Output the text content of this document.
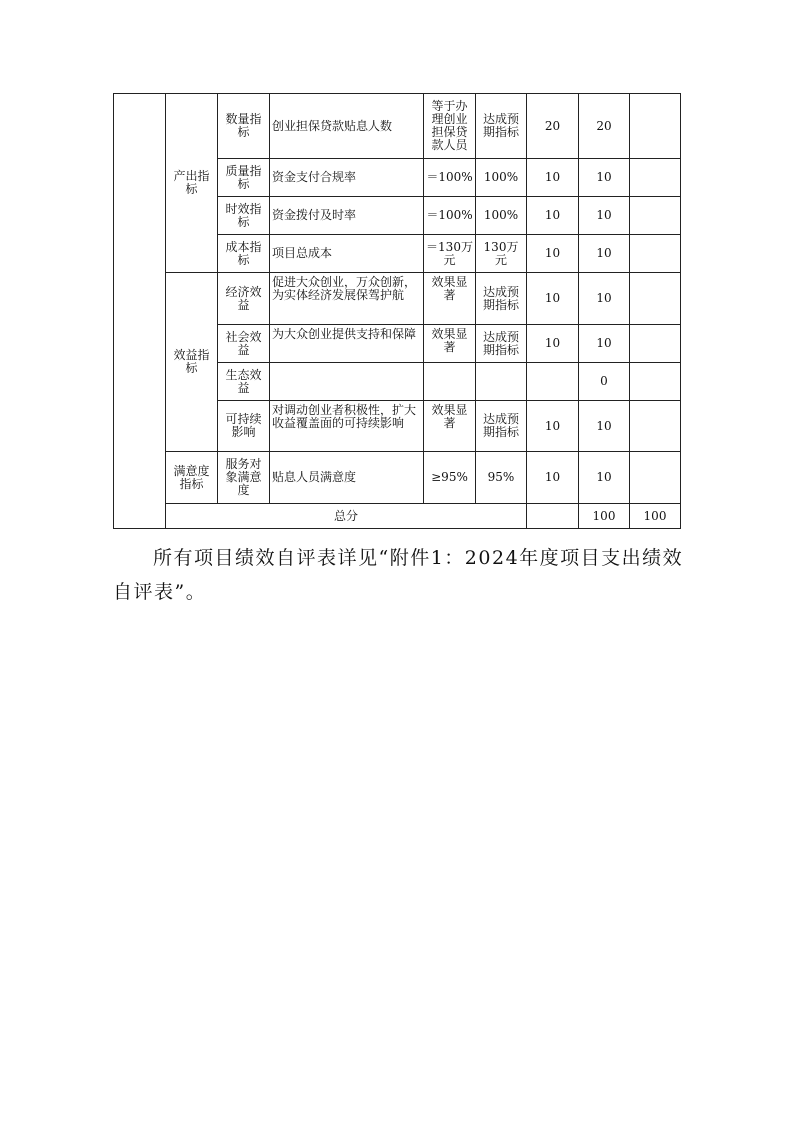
	产出指标	数量指标	创业担保贷款贴息人数	等于办理创业担保贷款人员	达成预期指标	20	20		
		质量指标	资金支付合规率	＝100%	100%	10	10		
		时效指标	资金拨付及时率	＝100%	100%	10	10		
		成本指标	项目总成本	＝130万元	130万元	10	10		
	效益指标	经济效益	促进大众创业，万众创新，为实体经济发展保驾护航	效果显著	达成预期指标	10	10		
		社会效益	为大众创业提供支持和保障	效果显著	达成预期指标	10	10		
		生态效益					0		
		可持续影响	对调动创业者积极性，扩大收益覆盖面的可持续影响	效果显著	达成预期指标	10	10		
	满意度指标	服务对象满意度	贴息人员满意度	≥95%	95%	10	10		
	总分						100	100	

所有项目绩效自评表详见“附件1：2024年度项目支出绩效自评表”。
